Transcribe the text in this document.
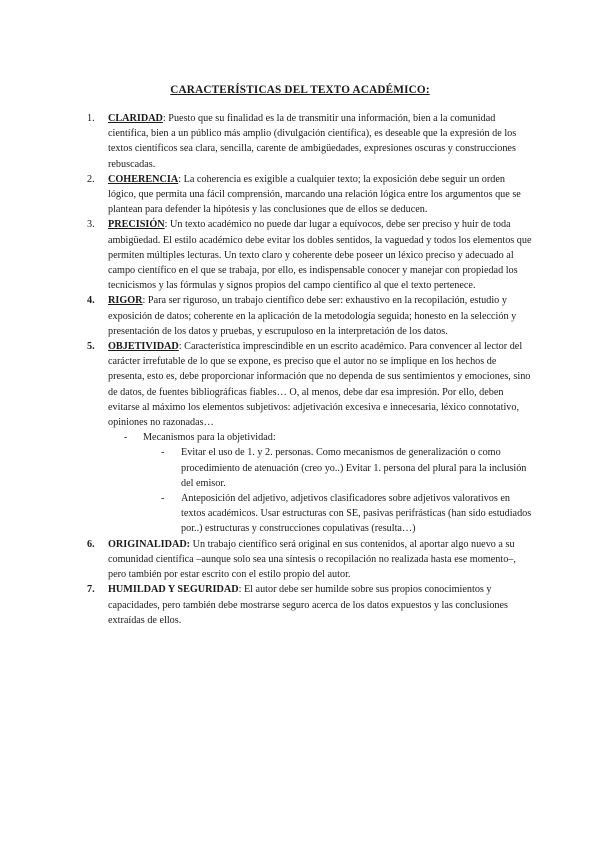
CARACTERÍSTICAS DEL TEXTO ACADÉMICO:

1. CLARIDAD: Puesto que su finalidad es la de transmitir una información, bien a la comunidad científica, bien a un público más amplio (divulgación científica), es deseable que la expresión de los textos científicos sea clara, sencilla, carente de ambigüedades, expresiones oscuras y construcciones rebuscadas.

2. COHERENCIA: La coherencia es exigible a cualquier texto; la exposición debe seguir un orden lógico, que permita una fácil comprensión, marcando una relación lógica entre los argumentos que se plantean para defender la hipótesis y las conclusiones que de ellos se deducen.

3. PRECISIÓN: Un texto académico no puede dar lugar a equívocos, debe ser preciso y huir de toda ambigüedad. El estilo académico debe evitar los dobles sentidos, la vaguedad y todos los elementos que permiten múltiples lecturas. Un texto claro y coherente debe poseer un léxico preciso y adecuado al campo científico en el que se trabaja, por ello, es indispensable conocer y manejar con propiedad los tecnicismos y las fórmulas y signos propios del campo científico al que el texto pertenece.

4. RIGOR: Para ser riguroso, un trabajo científico debe ser: exhaustivo en la recopilación, estudio y exposición de datos; coherente en la aplicación de la metodología seguida; honesto en la selección y presentación de los datos y pruebas, y escrupuloso en la interpretación de los datos.

5. OBJETIVIDAD: Característica imprescindible en un escrito académico. Para convencer al lector del carácter irrefutable de lo que se expone, es preciso que el autor no se implique en los hechos de presenta, esto es, debe proporcionar información que no dependa de sus sentimientos y emociones, sino de datos, de fuentes bibliográficas fiables… O, al menos, debe dar esa impresión. Por ello, deben evitarse al máximo los elementos subjetivos: adjetivación excesiva e innecesaria, léxico connotativo, opiniones no razonadas…

- Mecanismos para la objetividad:
- Evitar el uso de 1. y 2. personas. Como mecanismos de generalización o como procedimiento de atenuación (creo yo..) Evitar 1. persona del plural para la inclusión del emisor.
- Anteposición del adjetivo, adjetivos clasificadores sobre adjetivos valorativos en textos académicos. Usar estructuras con SE, pasivas perifrásticas (han sido estudiados por..) estructuras y construcciones copulativas (resulta…)

6. ORIGINALIDAD: Un trabajo científico será original en sus contenidos, al aportar algo nuevo a su comunidad científica –aunque solo sea una síntesis o recopilación no realizada hasta ese momento–, pero también por estar escrito con el estilo propio del autor.

7. HUMILDAD Y SEGURIDAD: El autor debe ser humilde sobre sus propios conocimientos y capacidades, pero también debe mostrarse seguro acerca de los datos expuestos y las conclusiones extraídas de ellos.
